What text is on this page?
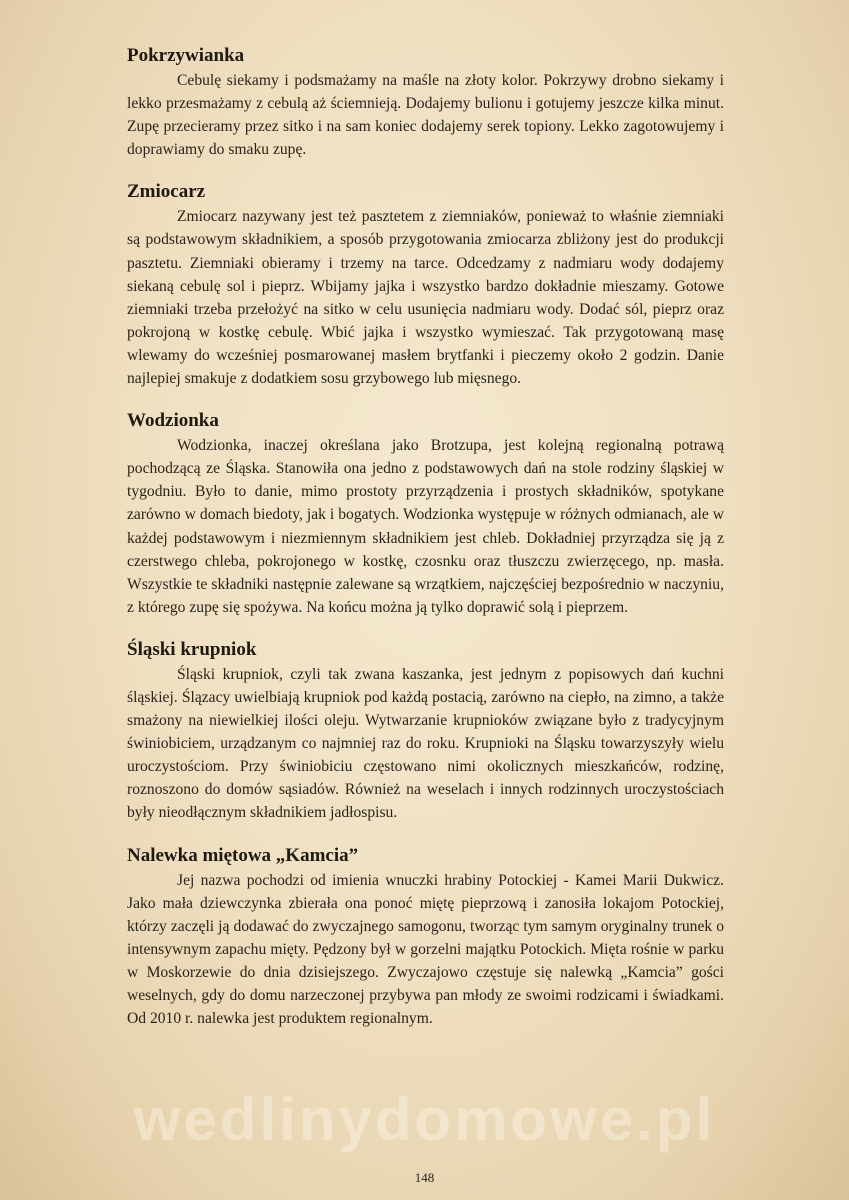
Pokrzywianka

Cebulę siekamy i podsmażamy na maśle na złoty kolor. Pokrzywy drobno siekamy i lekko przesmażamy z cebulą aż ściemnieją. Dodajemy bulionu i gotujemy jeszcze kilka minut. Zupę przecieramy przez sitko i na sam koniec dodajemy serek topiony. Lekko zagotowujemy i doprawiamy do smaku zupę.

Zmiocarz

Zmiocarz nazywany jest też pasztetem z ziemniaków, ponieważ to właśnie ziemniaki są podstawowym składnikiem, a sposób przygotowania zmiocarza zbliżony jest do produkcji pasztetu. Ziemniaki obieramy i trzemy na tarce. Odcedzamy z nadmiaru wody dodajemy siekaną cebulę sol i pieprz. Wbijamy jajka i wszystko bardzo dokładnie mieszamy. Gotowe ziemniaki trzeba przełożyć na sitko w celu usunięcia nadmiaru wody. Dodać sól, pieprz oraz pokrojoną w kostkę cebulę. Wbić jajka i wszystko wymieszać. Tak przygotowaną masę wlewamy do wcześniej posmarowanej masłem brytfanki i pieczemy około 2 godzin. Danie najlepiej smakuje z dodatkiem sosu grzybowego lub mięsnego.

Wodzionka

Wodzionka, inaczej określana jako Brotzupa, jest kolejną regionalną potrawą pochodzącą ze Śląska. Stanowiła ona jedno z podstawowych dań na stole rodziny śląskiej w tygodniu. Było to danie, mimo prostoty przyrządzenia i prostych składników, spotykane zarówno w domach biedoty, jak i bogatych. Wodzionka występuje w różnych odmianach, ale w każdej podstawowym i niezmiennym składnikiem jest chleb. Dokładniej przyrządza się ją z czerstwego chleba, pokrojonego w kostkę, czosnku oraz tłuszczu zwierzęcego, np. masła. Wszystkie te składniki następnie zalewane są wrzątkiem, najczęściej bezpośrednio w naczyniu, z którego zupę się spożywa. Na końcu można ją tylko doprawić solą i pieprzem.

Śląski krupniok

Śląski krupniok, czyli tak zwana kaszanka, jest jednym z popisowych dań kuchni śląskiej. Ślązacy uwielbiają krupniok pod każdą postacią, zarówno na ciepło, na zimno, a także smażony na niewielkiej ilości oleju. Wytwarzanie krupnioków związane było z tradycyjnym świniobiciem, urządzanym co najmniej raz do roku. Krupnioki na Śląsku towarzyszyły wielu uroczystościom. Przy świniobiciu częstowano nimi okolicznych mieszkańców, rodzinę, roznoszono do domów sąsiadów. Również na weselach i innych rodzinnych uroczystościach były nieodłącznym składnikiem jadłospisu.

Nalewka miętowa „Kamcia”

Jej nazwa pochodzi od imienia wnuczki hrabiny Potockiej - Kamei Marii Dukwicz. Jako mała dziewczynka zbierała ona ponoć miętę pieprzową i zanosiła lokajom Potockiej, którzy zaczęli ją dodawać do zwyczajnego samogonu, tworząc tym samym oryginalny trunek o intensywnym zapachu mięty. Pędzony był w gorzelni majątku Potockich. Mięta rośnie w parku w Moskorzewie do dnia dzisiejszego. Zwyczajowo częstuje się nalewką „Kamcia” gości weselnych, gdy do domu narzeczonej przybywa pan młody ze swoimi rodzicami i świadkami. Od 2010 r. nalewka jest produktem regionalnym.

wedlinydomowe.pl
148
